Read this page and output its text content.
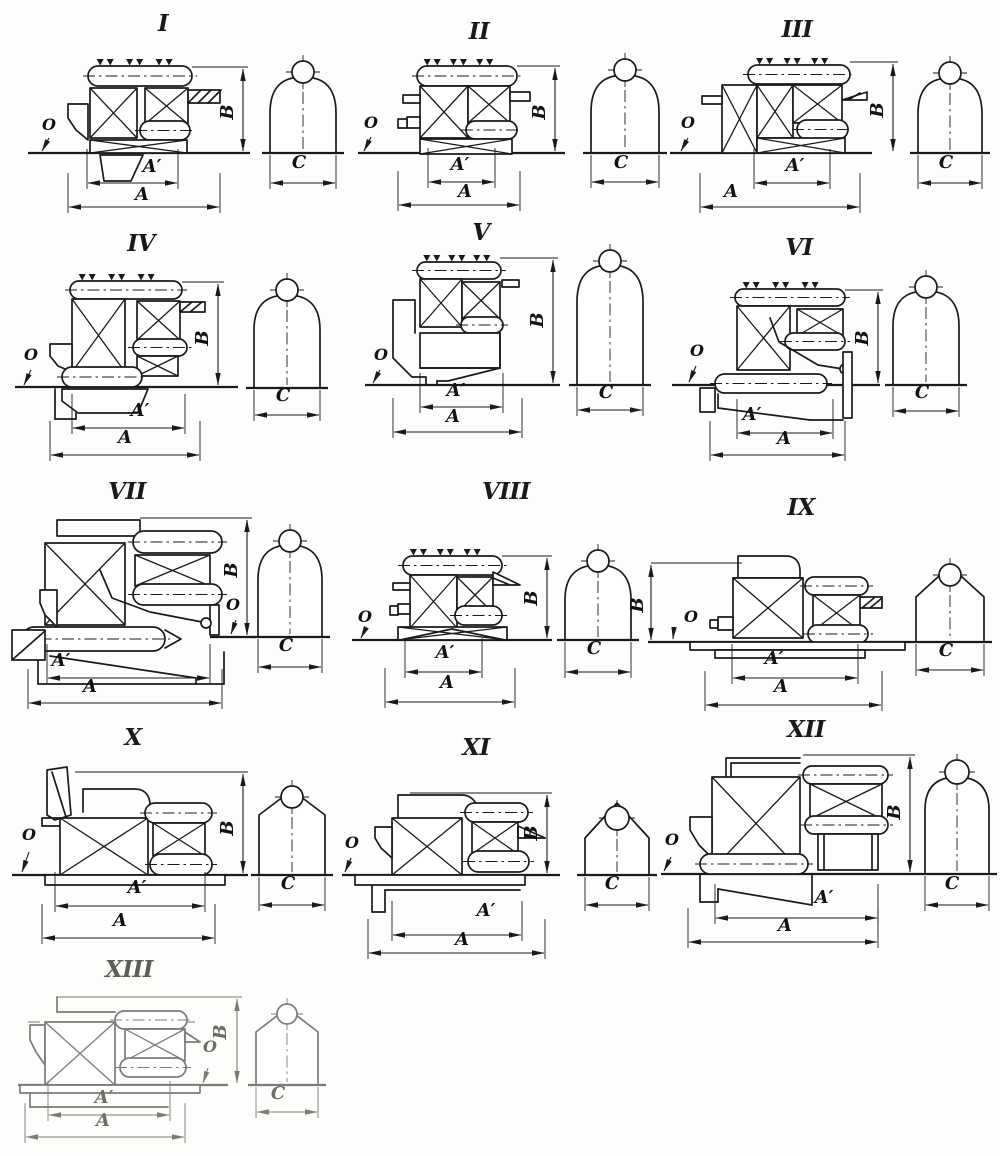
B
A′
A
O
C
B
A′
A
O
C
B
A′
A
O
C
B
A′
A
O
C
B
A′
A
O
C
B
A′
A
O
C
B
O
A′
A
C
B
A′
A
O
C
B
O
A′
A
C
B
A′
A
O
C
B
A′
A
O
C
B
A′
A
O
C
B
O
A′
A
C
I	II	III
IV	V
VI
VII	VIII
IX
X	XI
XII
XIII
